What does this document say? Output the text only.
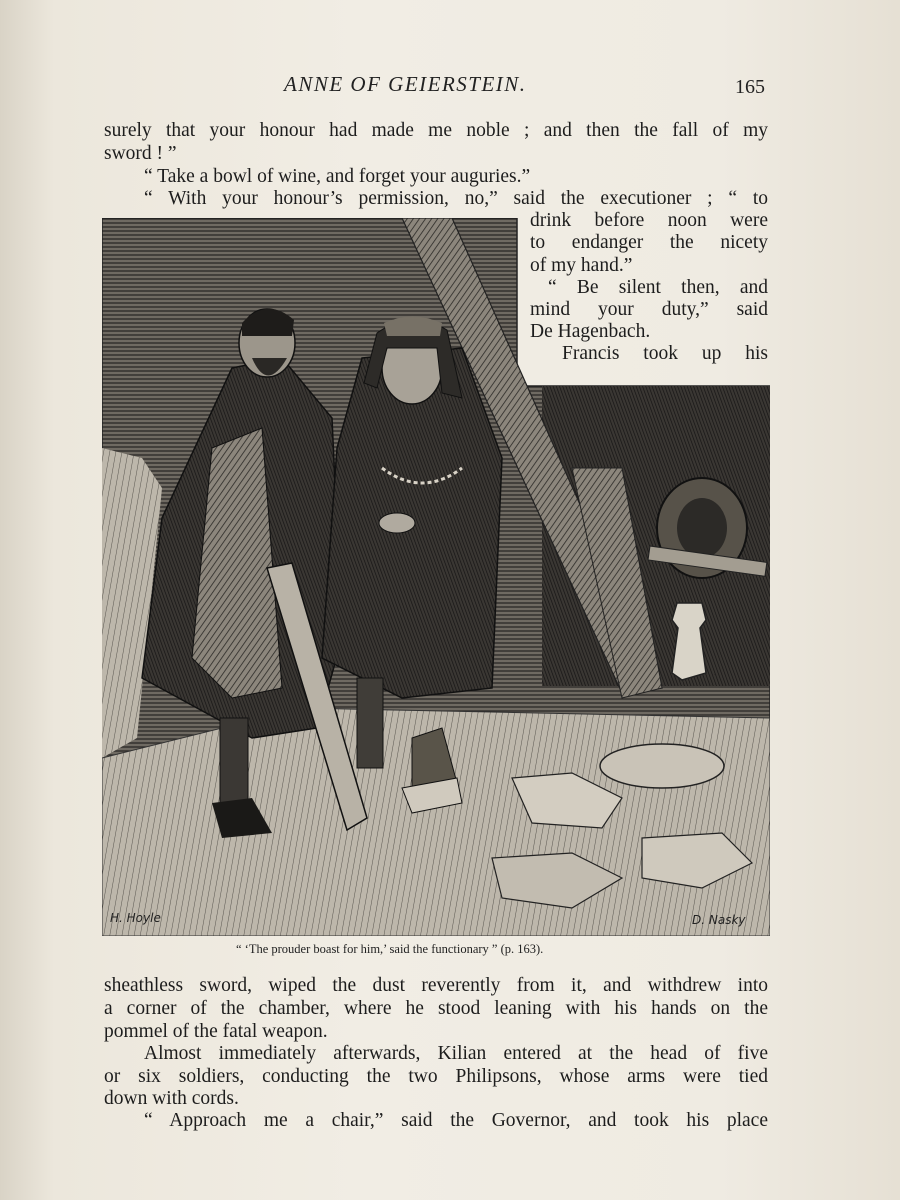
ANNE OF GEIERSTEIN.	165
surely that your honour had made me noble ; and then the fall of my
sword ! ”
“ Take a bowl of wine, and forget your auguries.”
“ With your honour’s permission, no,” said the executioner ; “ to
drink before noon were
to endanger the nicety
of my hand.”
“ Be silent then, and
mind your duty,” said
De Hagenbach.
Francis took up his
H. Hoyle	D. Nasky
“ ‘The prouder boast for him,’ said the functionary ” (p. 163).
sheathless sword, wiped the dust reverently from it, and withdrew into
a corner of the chamber, where he stood leaning with his hands on the
pommel of the fatal weapon.
Almost immediately afterwards, Kilian entered at the head of five
or six soldiers, conducting the two Philipsons, whose arms were tied
down with cords.
“ Approach me a chair,” said the Governor, and took his place
